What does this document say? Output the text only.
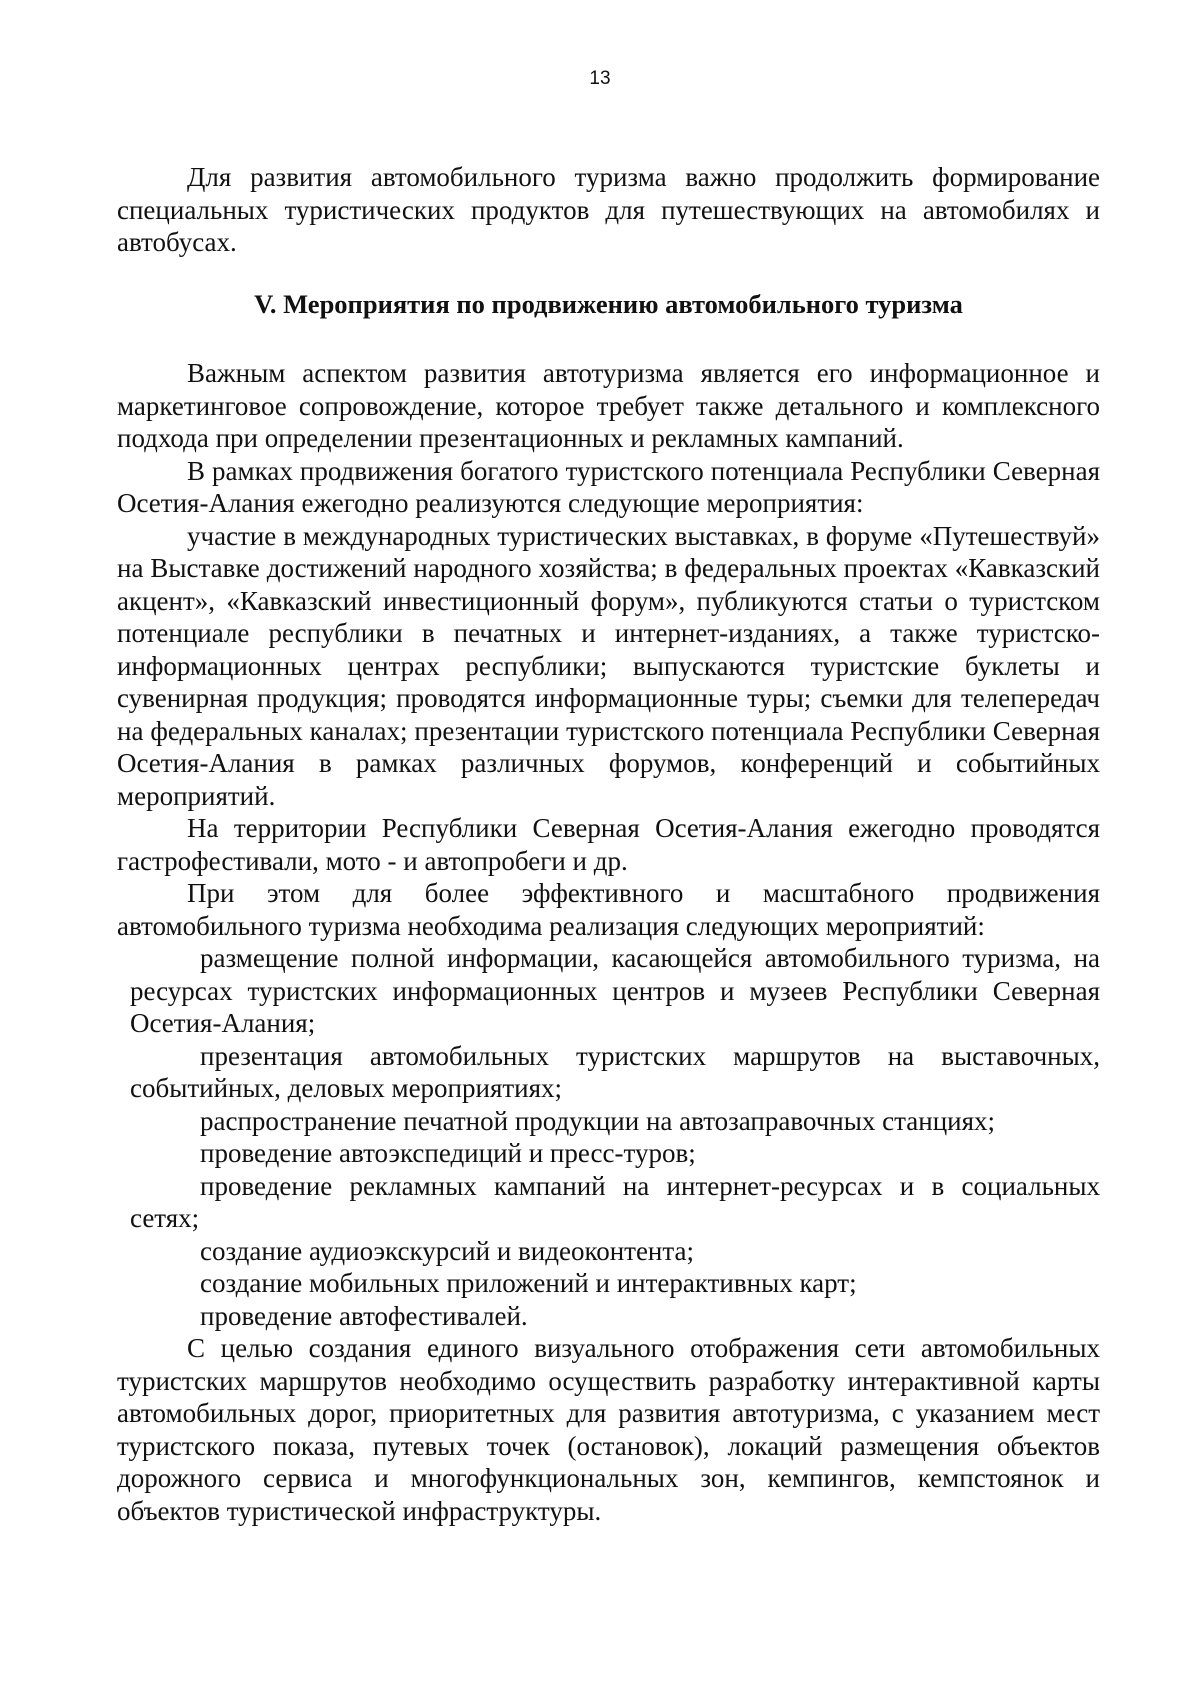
13

Для развития автомобильного туризма важно продолжить формирование специальных туристических продуктов для путешествующих на автомобилях и автобусах.

V. Мероприятия по продвижению автомобильного туризма

Важным аспектом развития автотуризма является его информационное и маркетинговое сопровождение, которое требует также детального и комплексного подхода при определении презентационных и рекламных кампаний.

В рамках продвижения богатого туристского потенциала Республики Северная Осетия-Алания ежегодно реализуются следующие мероприятия:

участие в международных туристических выставках, в форуме «Путешествуй» на Выставке достижений народного хозяйства; в федеральных проектах «Кавказский акцент», «Кавказский инвестиционный форум», публикуются статьи о туристском потенциале республики в печатных и интернет-изданиях, а также туристско-информационных центрах республики; выпускаются туристские буклеты и сувенирная продукция; проводятся информационные туры; съемки для телепередач на федеральных каналах; презентации туристского потенциала Республики Северная Осетия-Алания в рамках различных форумов, конференций и событийных мероприятий.

На территории Республики Северная Осетия-Алания ежегодно проводятся гастрофестивали, мото - и автопробеги и др.

При этом для более эффективного и масштабного продвижения автомобильного туризма необходима реализация следующих мероприятий:

размещение полной информации, касающейся автомобильного туризма, на ресурсах туристских информационных центров и музеев Республики Северная Осетия-Алания;

презентация автомобильных туристских маршрутов на выставочных, событийных, деловых мероприятиях;

распространение печатной продукции на автозаправочных станциях;

проведение автоэкспедиций и пресс-туров;

проведение рекламных кампаний на интернет-ресурсах и в социальных сетях;

создание аудиоэкскурсий и видеоконтента;

создание мобильных приложений и интерактивных карт;

проведение автофестивалей.

С целью создания единого визуального отображения сети автомобильных туристских маршрутов необходимо осуществить разработку интерактивной карты автомобильных дорог, приоритетных для развития автотуризма, с указанием мест туристского показа, путевых точек (остановок), локаций размещения объектов дорожного сервиса и многофункциональных зон, кемпингов, кемпстоянок и объектов туристической инфраструктуры.
